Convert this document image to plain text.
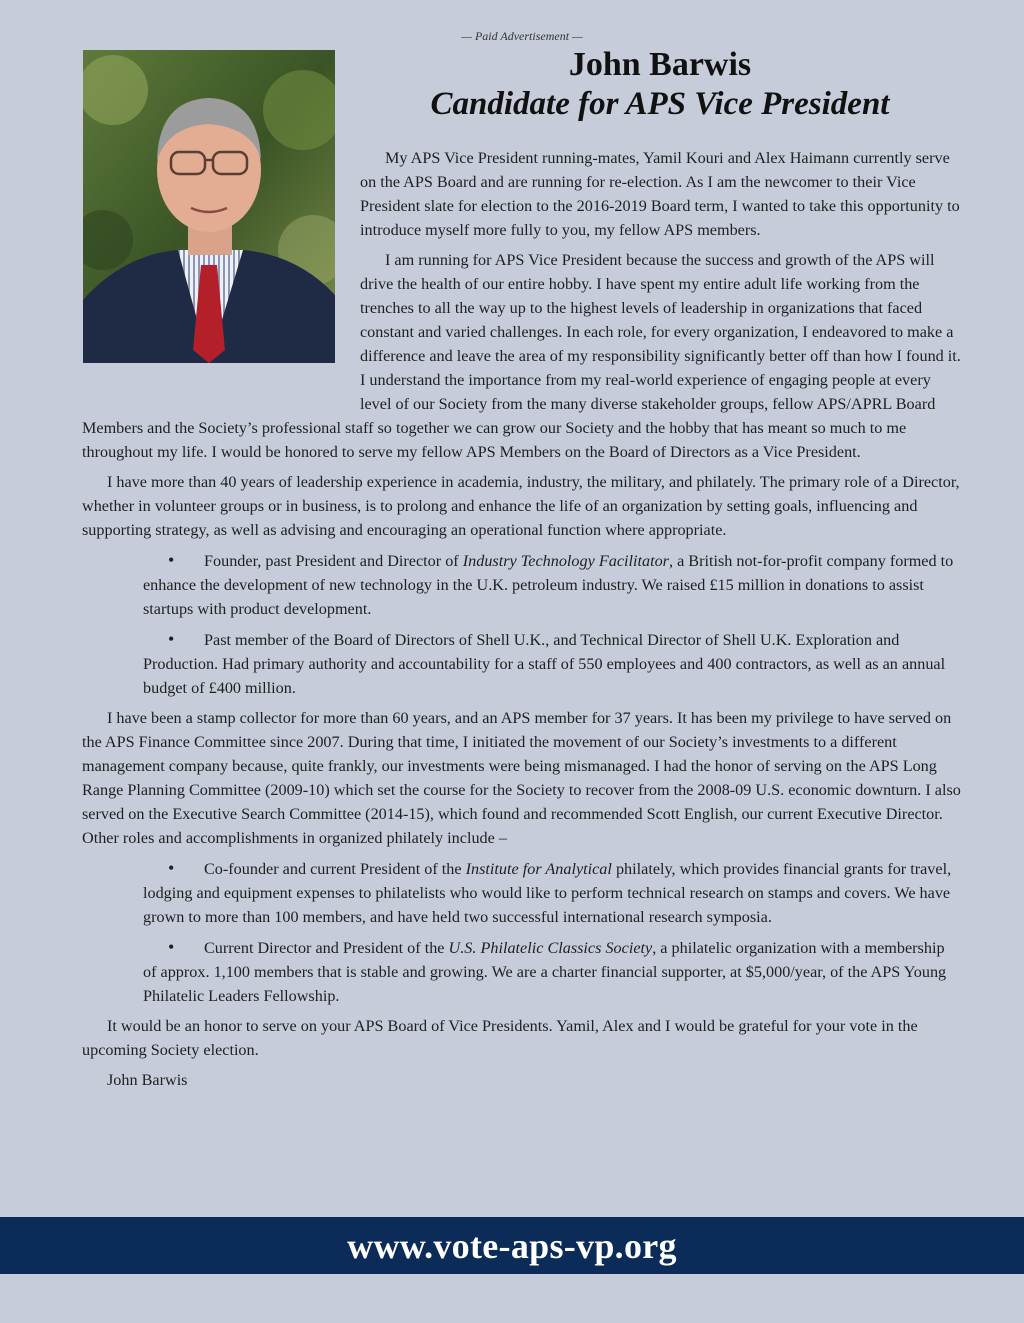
— Paid Advertisement —
John Barwis
Candidate for APS Vice President

My APS Vice President running-mates, Yamil Kouri and Alex Haimann currently serve on the APS Board and are running for re-election. As I am the newcomer to their Vice President slate for election to the 2016-2019 Board term, I wanted to take this opportunity to introduce myself more fully to you, my fellow APS members.

I am running for APS Vice President because the success and growth of the APS will drive the health of our entire hobby. I have spent my entire adult life working from the trenches to all the way up to the highest levels of leadership in organizations that faced constant and varied challenges. In each role, for every organization, I endeavored to make a difference and leave the area of my responsibility significantly better off than how I found it. I understand the importance from my real-world experience of engaging people at every level of our Society from the many diverse stakeholder groups, fellow APS/APRL Board Members and the Society’s professional staff so together we can grow our Society and the hobby that has meant so much to me throughout my life. I would be honored to serve my fellow APS Members on the Board of Directors as a Vice President.

I have more than 40 years of leadership experience in academia, industry, the military, and philately. The primary role of a Director, whether in volunteer groups or in business, is to prolong and enhance the life of an organization by setting goals, influencing and supporting strategy, as well as advising and encouraging an operational function where appropriate.

•Founder, past President and Director of Industry Technology Facilitator, a British not-for-profit company formed to enhance the development of new technology in the U.K. petroleum industry. We raised £15 million in donations to assist startups with product development.
•Past member of the Board of Directors of Shell U.K., and Technical Director of Shell U.K. Exploration and Production. Had primary authority and accountability for a staff of 550 employees and 400 contractors, as well as an annual budget of £400 million.

I have been a stamp collector for more than 60 years, and an APS member for 37 years. It has been my privilege to have served on the APS Finance Committee since 2007. During that time, I initiated the movement of our Society’s investments to a different management company because, quite frankly, our investments were being mismanaged. I had the honor of serving on the APS Long Range Planning Committee (2009-10) which set the course for the Society to recover from the 2008-09 U.S. economic downturn. I also served on the Executive Search Committee (2014-15), which found and recommended Scott English, our current Executive Director. Other roles and accomplishments in organized philately include –

•Co-founder and current President of the Institute for Analytical philately, which provides financial grants for travel, lodging and equipment expenses to philatelists who would like to perform technical research on stamps and covers. We have grown to more than 100 members, and have held two successful international research symposia.
•Current Director and President of the U.S. Philatelic Classics Society, a philatelic organization with a membership of approx. 1,100 members that is stable and growing. We are a charter financial supporter, at $5,000/year, of the APS Young Philatelic Leaders Fellowship.

It would be an honor to serve on your APS Board of Vice Presidents. Yamil, Alex and I would be grateful for your vote in the upcoming Society election.

John Barwis

www.vote-aps-vp.org
